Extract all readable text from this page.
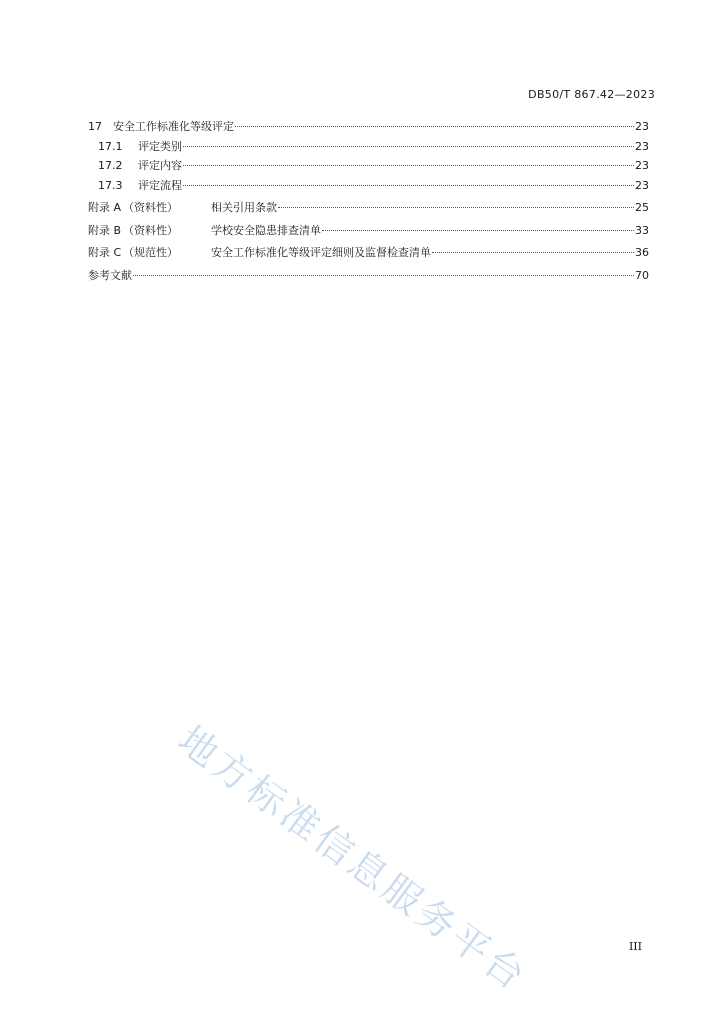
DB50/T 867.42—2023
17	安全工作标准化等级评定	23
17.1	评定类别	23
17.2	评定内容	23
17.3	评定流程	23
附录 A （资料性）	相关引用条款	25
附录 B （资料性）	学校安全隐患排查清单	33
附录 C （规范性）	安全工作标准化等级评定细则及监督检查清单	36
参考文献	70
地方标准信息服务平台	III
